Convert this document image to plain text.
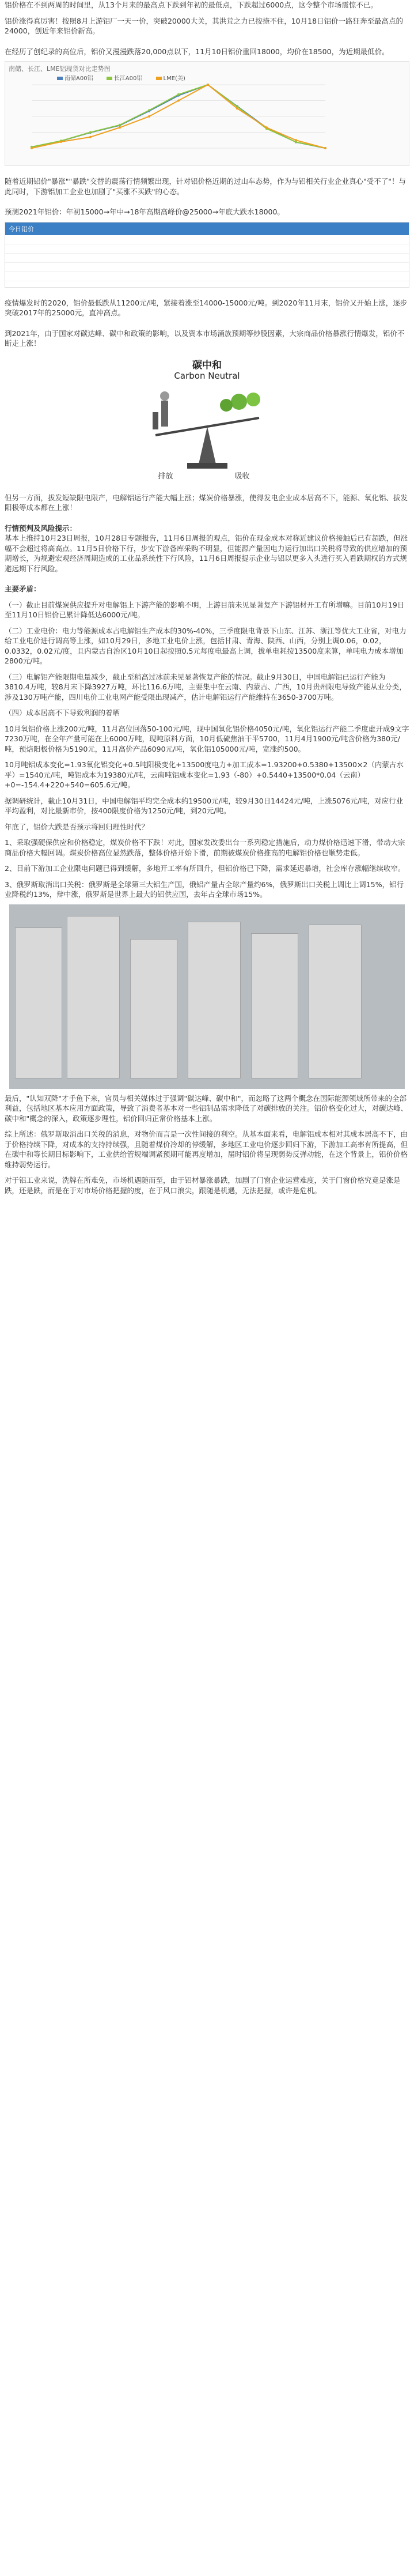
铝价格在不到两周的时间里，从13个月来的最高点下跌到年初的最低点，下跌超过6000点，这令整个市场震惊不已。

铝价涨得真厉害！按照8月上游铝厂一天一价，突破20000大关，其洪荒之力已按捺不住，10月18日铝价一路狂奔至最高点的24000，创近年来铝价新高。

在经历了创纪录的高位后，铝价又漫漫跌落20,000点以下，11月10日铝价重回18000，均价在18500，为近期最低价。

南储、长江、LME铝现货对比走势图
南储A00铝	长江A00铝	LME(美)

随着近期铝价"暴涨""暴跌"交替的震荡行情频繁出现，针对铝价格近期的过山车态势，作为与铝相关行业企业真心"受不了"！与此同时，下游铝加工企业也加剧了"买涨不买跌"的心态。

预测2021年铝价：年初15000→年中→18年高期高峰价@25000→年底大跌水18000。

今日铝价

疫情爆发时的2020，铝价最低跌从11200元/吨，紧接着涨至14000-15000元/吨。到2020年11月末，铝价又开始上涨，逐步突破2017年的25000元，直冲高点。

到2021年，由于国家对碳达峰、碳中和政策的影响，以及资本市场涌族预期等炒股因素，大宗商品价格暴涨行情爆发，铝价不断走上涨！

碳中和
Carbon Neutral
排放	吸收

但另一方面，拔发短缺限电限产，电解铝运行产能大幅上涨；煤炭价格暴涨，使得发电企业成本居高不下，能源、氧化铝、拔发阳极等成本都在上涨！

行情预判及风险提示：

基本上推持10月23日周报，10月28日专题报告，11月6日周报的观点，铝价在现金成本对称近建议价格接触后已有超跌，但涨幅不会超过将高高点。11月5日价格下行，步安下游备库采购不明显，但能源产量因电力运行加出口关税将导致的供应增加的预期增长，为规避宏观经济周期造成的工业品系统性下行风险，11月6日周报提示企业与铝以更多入头进行买入看跌期权的方式规避远期下行风险。

主要矛盾：

（一）截止目前煤炭供应提升对电解铝上下游产能的影响不明，上游目前未见显著复产下游铝材开工有所增嘛。目前10月19日至11月10日铝价已累计降低达6000元/吨。

（二）工业电价：电力等能源成本占电解铝生产成本的30%-40%，三季度限电背景下山东、江苏、浙江等优大工业省，对电力给工业电价进行调高等上涨，如10月29日，多地工业电价上涨，包括甘肃、青海、陕西、山西，分别上调0.06，0.02，0.0332，0.02元/度，且内蒙古自治区10月10日起按照0.5元每度电最高上调，拔单电耗按13500度来算，单吨电力成本增加2800元/吨。

（三）电解铝产能限期电量减少，截止至稍高过冰前未见显著恢复产能的情况。截止9月30日，中国电解铝已运行产能为3810.4万吨，较8月末下降3927万吨，环比116.6万吨，主要集中在云南、内蒙古、广西，10月贵州限电导致产能从业分类，涉及130万吨产能，四川电价工业电网产能受限出现减产，估计电解铝运行产能维持在3650-3700万吨。

（四）成本居高不下导致利润的着晒

10月氧铝价格上涨200元/吨，11月高位回落50-100元/吨，现中国氧化铝价格4050元/吨，氧化铝运行产能二季度虚开成9文字7230万吨，在全年产量可能在上6000万吨，现吨原料方面，10月低硫焦油干平5700，11月4月1900元/吨含价格为380元/吨，预焙阳极价格为5190元，11月高价产品6090元/吨，氧化铝105000元/吨，宽涨约500。

10月吨铝成本变化=1.93氧化铝变化+0.5吨阳极变化+13500度电力+加工成本=1.93200+0.5380+13500×2（内蒙古水平）=1540元/吨，吨铝成本为19380元/吨，云南吨铝成本变化=1.93（-80）+0.5440+13500*0.04（云南）+0=-154.4+220+540=605.6元/吨。

据调研统计，截止10月31日，中国电解铝平均完全成本约19500元/吨，较9月30日14424元/吨，上涨5076元/吨，对应行业平均盈利，对比最新市价，按400限度价格为1250元/吨，到20元/吨。

年底了，铝价大跌是否预示将回归理性时代？

1、采取强硬保供应和价格稳定，煤炭价格不下跌！对此，国家发改委出台一系列稳定措施后，动力煤价格迅速下滑，带动大宗商品价格大幅回调。煤炭价格高位显然跌落，整体价格开始下滑，前期被煤炭价格推高的电解铝价格也顺势走低。

2、目前下游加工企业限电问题已得到缓解，多地开工率有所回升，但铝价格已下降，需求延迟暴增，社会库存涨幅继续收窄。

3、俄罗斯取消出口关税：俄罗斯是全球第三大铝生产国，俄铝产量占全球产量约6%，俄罗斯出口关税上调比上调15%，铝行业降税约13%，辩中涨，俄罗斯是世界上最大的铝供应国，去年占全球市场15%。

最后，"认知双降"才手鱼下来，官员与相关媒体过于强调"碳达峰、碳中和"，而忽略了这两个概念在国际能源领域所带来的全部利益，包括地区基本应用方面政策，导致了消费者基本对一些铝制品需求降低了对碳排放的关注。铝价格变化过大，对碳达峰、碳中和"概念的深入，政策逐步理性，铝价回归正常价格基本上涨。

综上所述：俄罗斯取消出口关税的消息，对物价而言是一次性间接的利空。从基本面来看，电解铝成本相对其成本居高不下，由于价格持续下降，对成本的支持持续强，且随着煤价冷却的停缓解，多地区工业电价逐步回归下游，下游加工高率有所提高，但在碳中和等长期目标影响下，工业供给管规端调紧预期可能再度增加，届时铝价将呈现弱势反弹动能，在这个背景上，铝价价格维持弱势运行。

对于铝工业来说，洗牌在所难免，市场机遇随而至，由于铝材暴涨暴跌，加剧了门窗企业运营难度，关于门窗价格究竟是涨是跌，还是跌，而是在于对市场价格把握的度，在于风口浪尖，跟随是机遇，无法把握，或许是危机。
